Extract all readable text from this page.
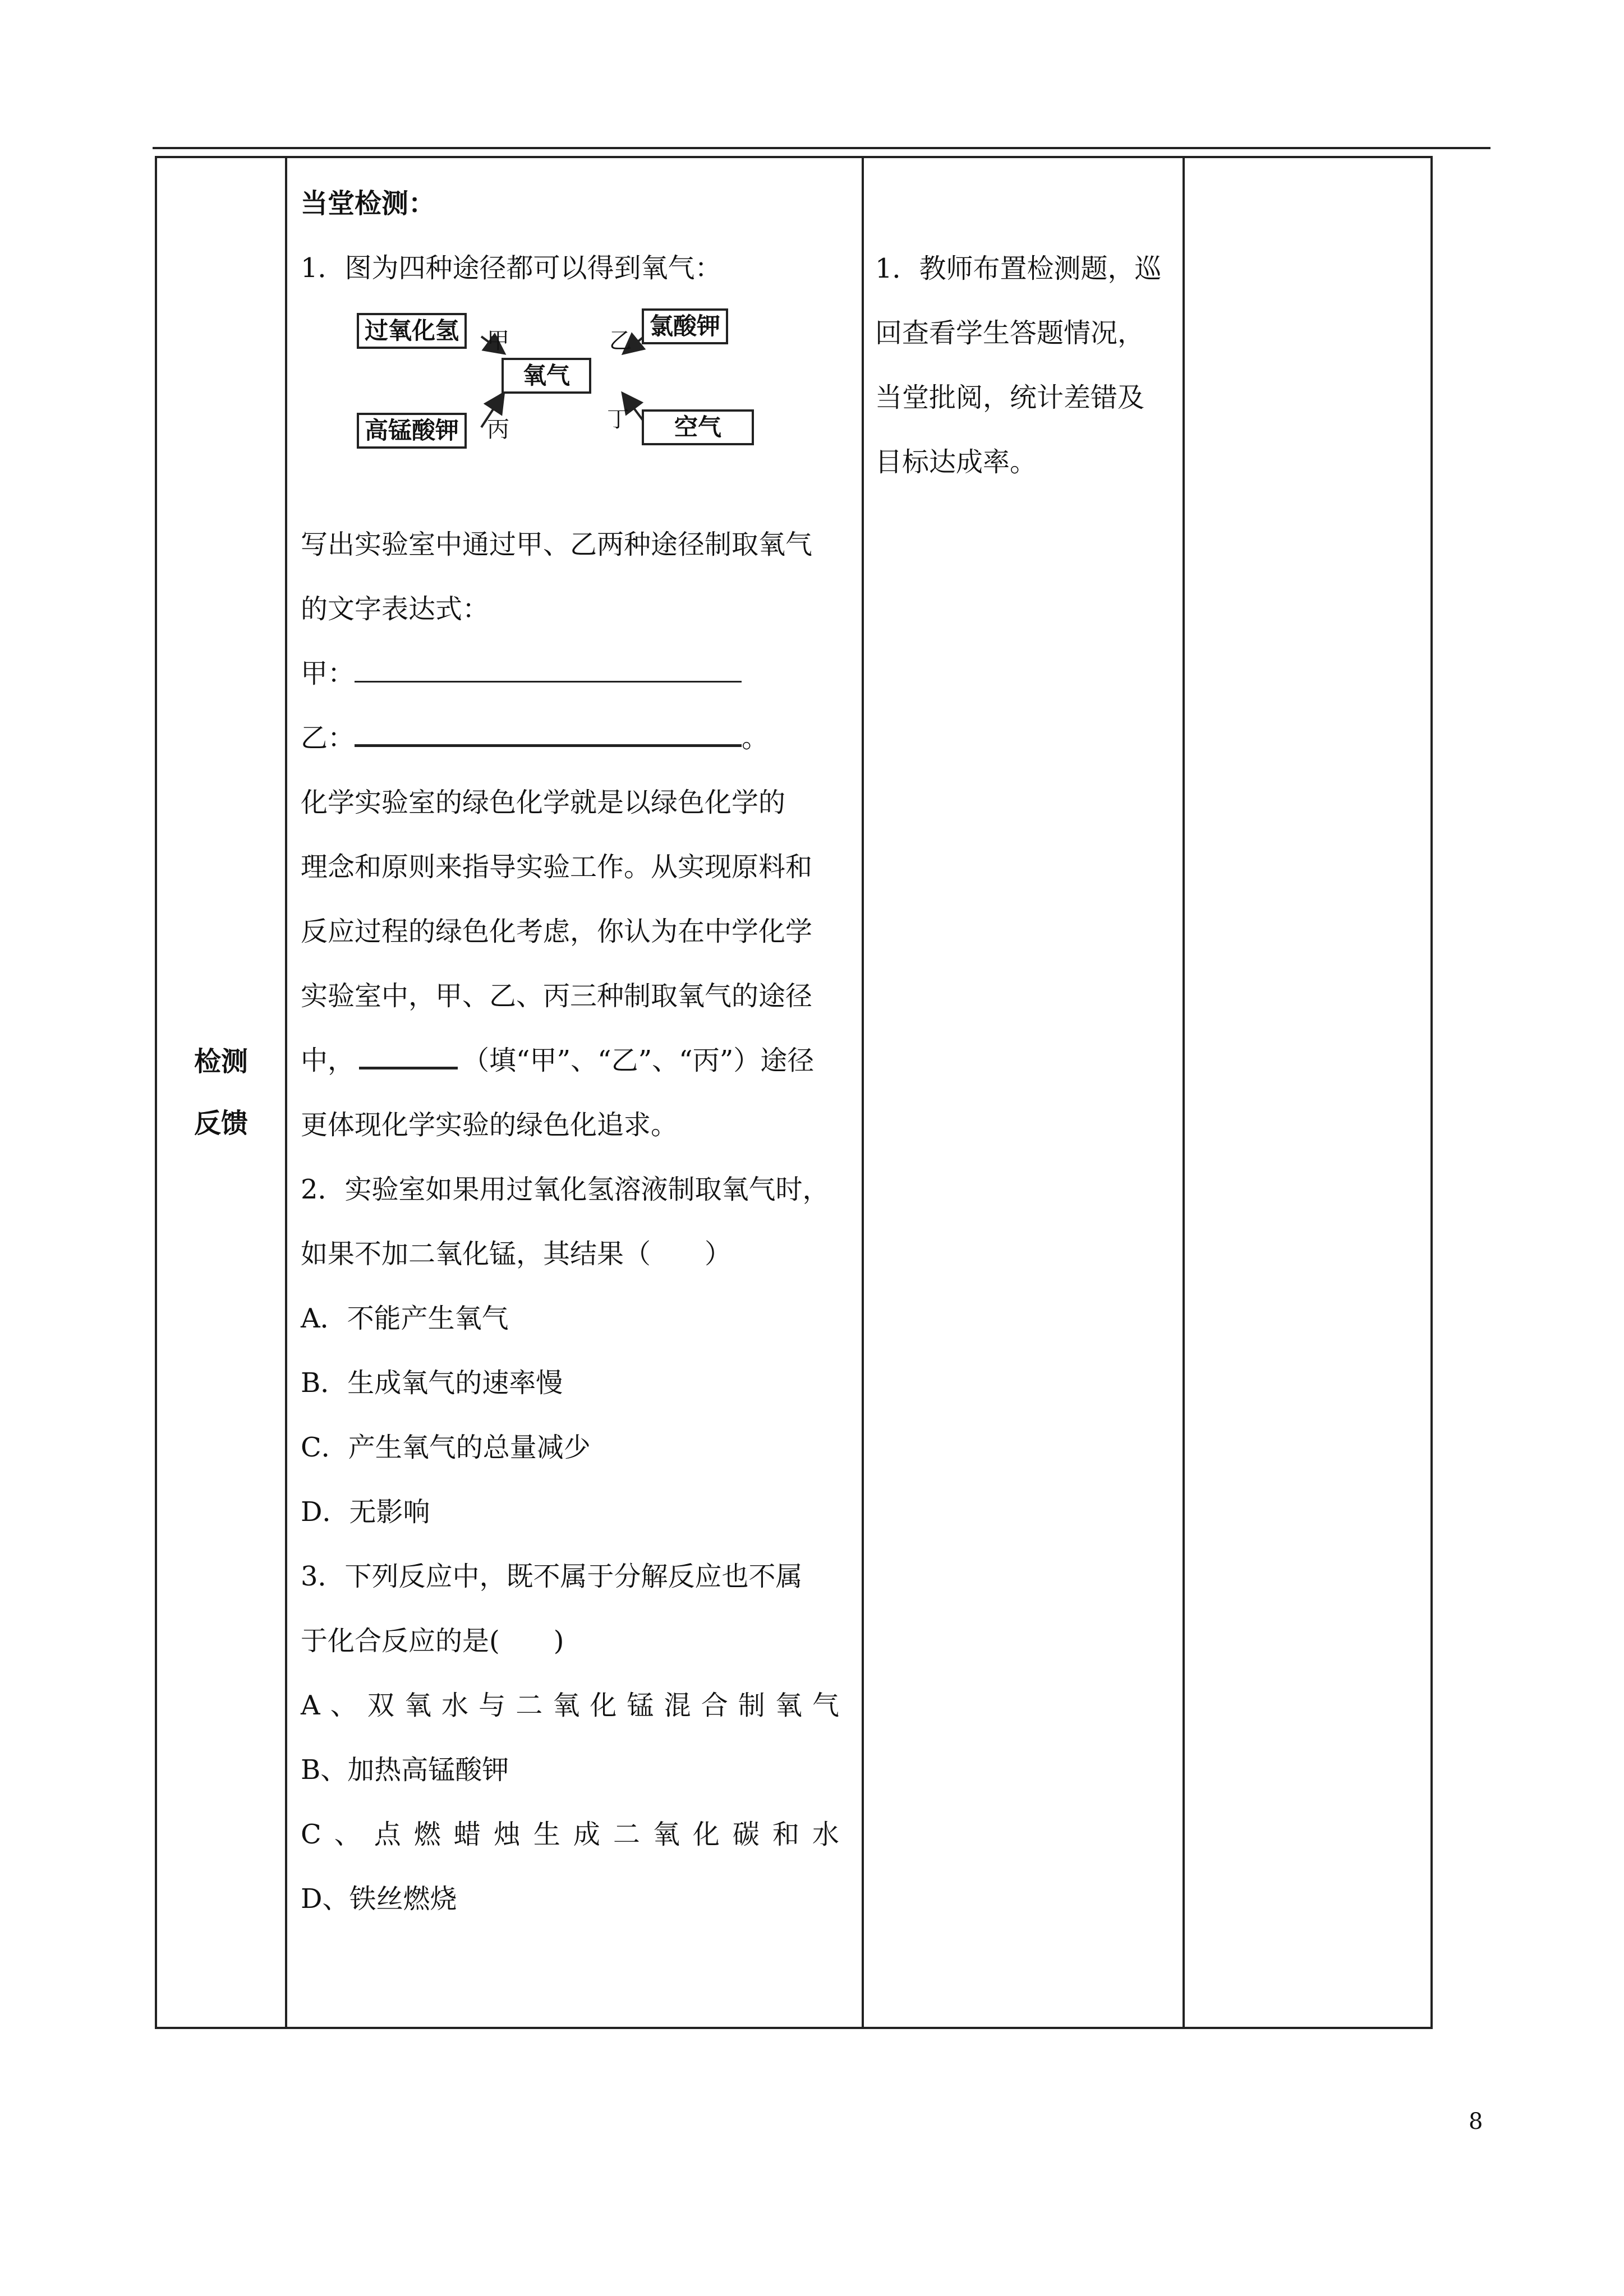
检测
反馈

当堂检测：
1．图为四种途径都可以得到氧气：
过氧化氢	甲
氯酸钾
乙
氧气
高锰酸钾	丙	空气
丁
写出实验室中通过甲、乙两种途径制取氧气
的文字表达式：
甲：
乙：	。
化学实验室的绿色化学就是以绿色化学的
理念和原则来指导实验工作。从实现原料和
反应过程的绿色化考虑，你认为在中学化学
实验室中，甲、乙、丙三种制取氧气的途径
中，	（填“甲”、“乙”、“丙”）途径
更体现化学实验的绿色化追求。
2．实验室如果用过氧化氢溶液制取氧气时，
如果不加二氧化锰，其结果（　　）
A．不能产生氧气
B．生成氧气的速率慢
C．产生氧气的总量减少
D．无影响
3．下列反应中，既不属于分解反应也不属
于化合反应的是(　　)
A 、 双 氧 水 与 二 氧 化 锰 混 合 制 氧 气
B、加热高锰酸钾
C 、 点 燃 蜡 烛 生 成 二 氧 化 碳 和 水
D、铁丝燃烧

1．教师布置检测题，巡
回查看学生答题情况，
当堂批阅，统计差错及
目标达成率。

8
